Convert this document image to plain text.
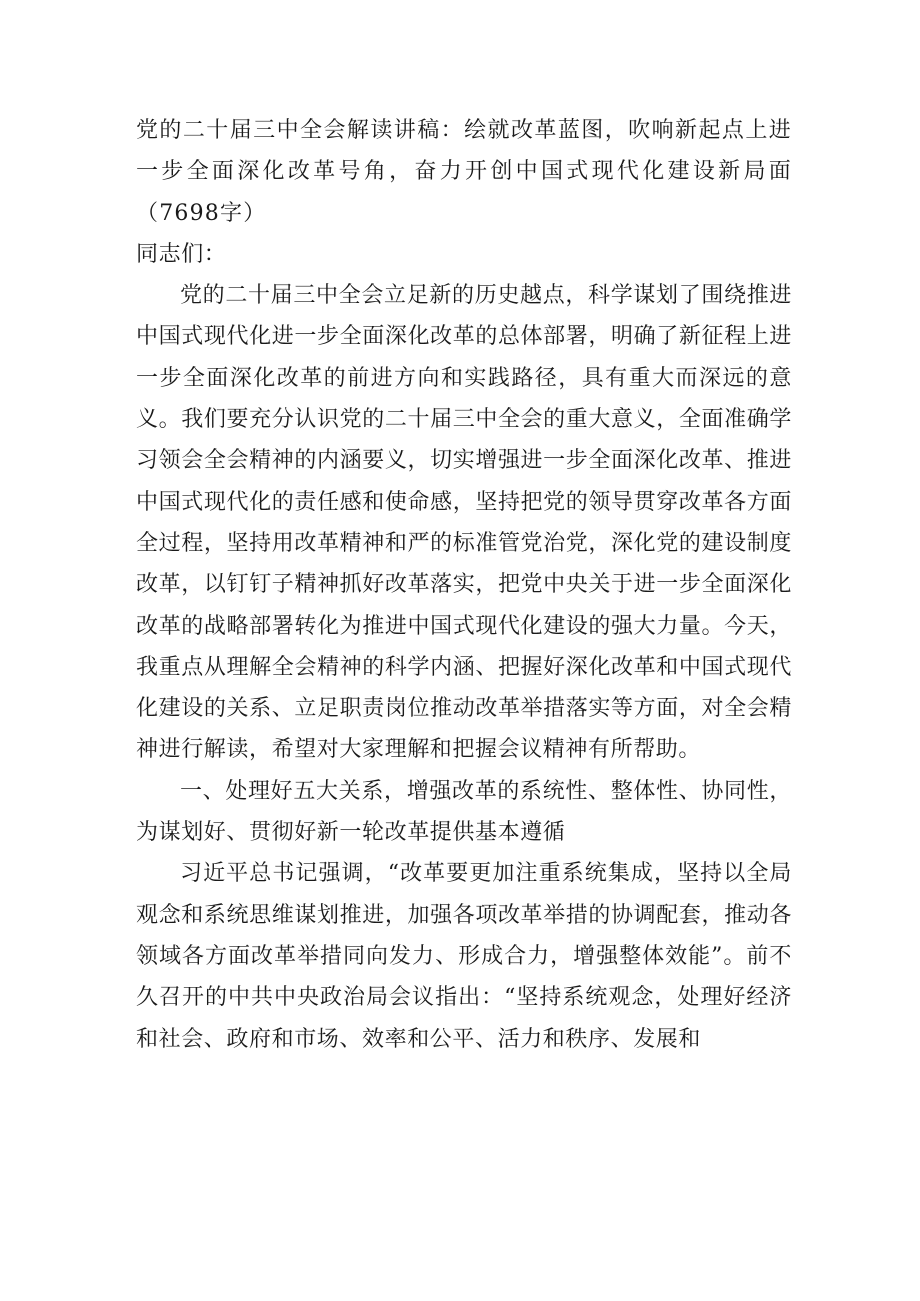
党的二十届三中全会解读讲稿：绘就改革蓝图，吹响新起点上进一步全面深化改革号角，奋力开创中国式现代化建设新局面（7698字）

同志们：

党的二十届三中全会立足新的历史越点，科学谋划了围绕推进中国式现代化进一步全面深化改革的总体部署，明确了新征程上进一步全面深化改革的前进方向和实践路径，具有重大而深远的意义。我们要充分认识党的二十届三中全会的重大意义，全面准确学习领会全会精神的内涵要义，切实增强进一步全面深化改革、推进中国式现代化的责任感和使命感，坚持把党的领导贯穿改革各方面全过程，坚持用改革精神和严的标准管党治党，深化党的建设制度改革，以钉钉子精神抓好改革落实，把党中央关于进一步全面深化改革的战略部署转化为推进中国式现代化建设的强大力量。今天，我重点从理解全会精神的科学内涵、把握好深化改革和中国式现代化建设的关系、立足职责岗位推动改革举措落实等方面，对全会精神进行解读，希望对大家理解和把握会议精神有所帮助。

一、处理好五大关系，增强改革的系统性、整体性、协同性，为谋划好、贯彻好新一轮改革提供基本遵循

习近平总书记强调，“改革要更加注重系统集成，坚持以全局观念和系统思维谋划推进，加强各项改革举措的协调配套，推动各领域各方面改革举措同向发力、形成合力，增强整体效能”。前不久召开的中共中央政治局会议指出：“坚持系统观念，处理好经济和社会、政府和市场、效率和公平、活力和秩序、发展和
